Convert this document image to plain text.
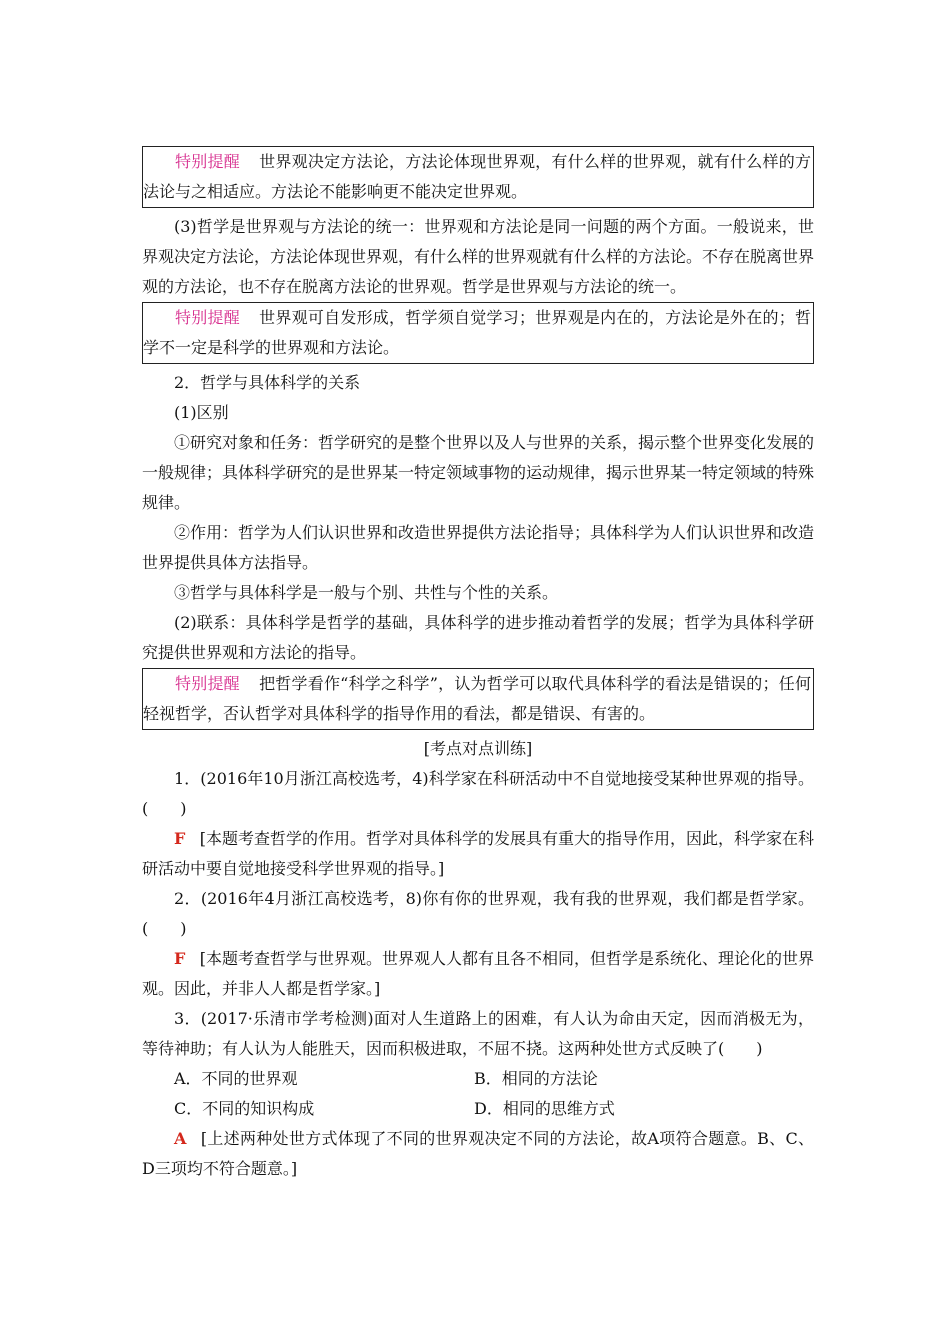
特别提醒 世界观决定方法论，方法论体现世界观，有什么样的世界观，就有什么样的方法论与之相适应。方法论不能影响更不能决定世界观。

(3)哲学是世界观与方法论的统一：世界观和方法论是同一问题的两个方面。一般说来，世界观决定方法论，方法论体现世界观，有什么样的世界观就有什么样的方法论。不存在脱离世界观的方法论，也不存在脱离方法论的世界观。哲学是世界观与方法论的统一。

特别提醒 世界观可自发形成，哲学须自觉学习；世界观是内在的，方法论是外在的；哲学不一定是科学的世界观和方法论。

2．哲学与具体科学的关系

(1)区别

①研究对象和任务：哲学研究的是整个世界以及人与世界的关系，揭示整个世界变化发展的一般规律；具体科学研究的是世界某一特定领域事物的运动规律，揭示世界某一特定领域的特殊规律。

②作用：哲学为人们认识世界和改造世界提供方法论指导；具体科学为人们认识世界和改造世界提供具体方法指导。

③哲学与具体科学是一般与个别、共性与个性的关系。

(2)联系：具体科学是哲学的基础，具体科学的进步推动着哲学的发展；哲学为具体科学研究提供世界观和方法论的指导。

特别提醒 把哲学看作“科学之科学”，认为哲学可以取代具体科学的看法是错误的；任何轻视哲学，否认哲学对具体科学的指导作用的看法，都是错误、有害的。

[考点对点训练]

1．(2016年10月浙江高校选考，4)科学家在科研活动中不自觉地接受某种世界观的指导。(　　)

F [本题考查哲学的作用。哲学对具体科学的发展具有重大的指导作用，因此，科学家在科研活动中要自觉地接受科学世界观的指导。]

2．(2016年4月浙江高校选考，8)你有你的世界观，我有我的世界观，我们都是哲学家。(　　)

F [本题考查哲学与世界观。世界观人人都有且各不相同，但哲学是系统化、理论化的世界观。因此，并非人人都是哲学家。]

3．(2017·乐清市学考检测)面对人生道路上的困难，有人认为命由天定，因而消极无为，等待神助；有人认为人能胜天，因而积极进取，不屈不挠。这两种处世方式反映了(　　)

A．不同的世界观	B．相同的方法论
C．不同的知识构成	D．相同的思维方式

A [上述两种处世方式体现了不同的世界观决定不同的方法论，故A项符合题意。B、C、D三项均不符合题意。]
